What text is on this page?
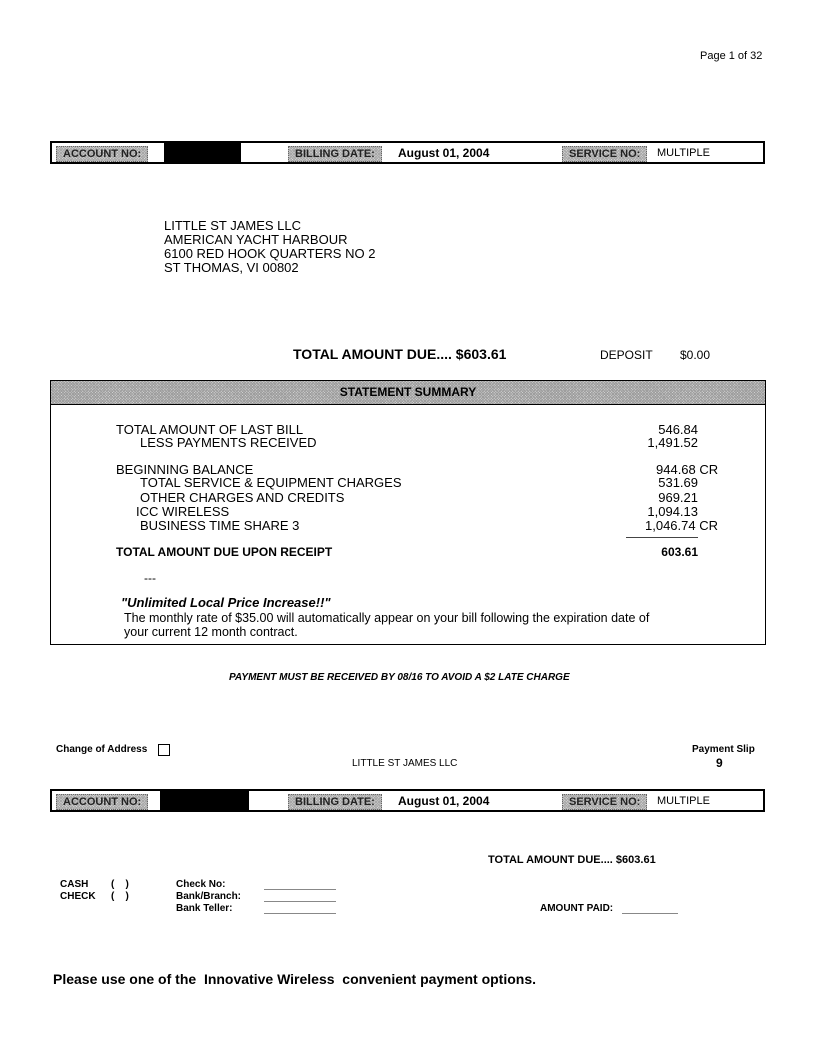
Page 1 of 32
ACCOUNT NO:	BILLING DATE:	August 01, 2004	SERVICE NO:	MULTIPLE
LITTLE ST JAMES LLC
AMERICAN YACHT HARBOUR
6100 RED HOOK QUARTERS NO 2
ST THOMAS, VI 00802
TOTAL AMOUNT DUE.... $603.61	DEPOSIT $0.00
STATEMENT SUMMARY
TOTAL AMOUNT OF LAST BILL	546.84
LESS PAYMENTS RECEIVED	1,491.52
BEGINNING BALANCE	944.68 CR
TOTAL SERVICE & EQUIPMENT CHARGES	531.69
OTHER CHARGES AND CREDITS	969.21
ICC WIRELESS	1,094.13
BUSINESS TIME SHARE 3	1,046.74 CR
TOTAL AMOUNT DUE UPON RECEIPT	603.61
---
"Unlimited Local Price Increase!!"
The monthly rate of $35.00 will automatically appear on your bill following the expiration date of
your current 12 month contract.
PAYMENT MUST BE RECEIVED BY 08/16 TO AVOID A $2 LATE CHARGE
Change of Address	Payment Slip
9
LITTLE ST JAMES LLC
ACCOUNT NO:	BILLING DATE:	August 01, 2004	SERVICE NO:	MULTIPLE
TOTAL AMOUNT DUE.... $603.61
CASH (    )
CHECK (    )
Check No:
Bank/Branch:
Bank Teller:	AMOUNT PAID:
Please use one of the  Innovative Wireless  convenient payment options.
